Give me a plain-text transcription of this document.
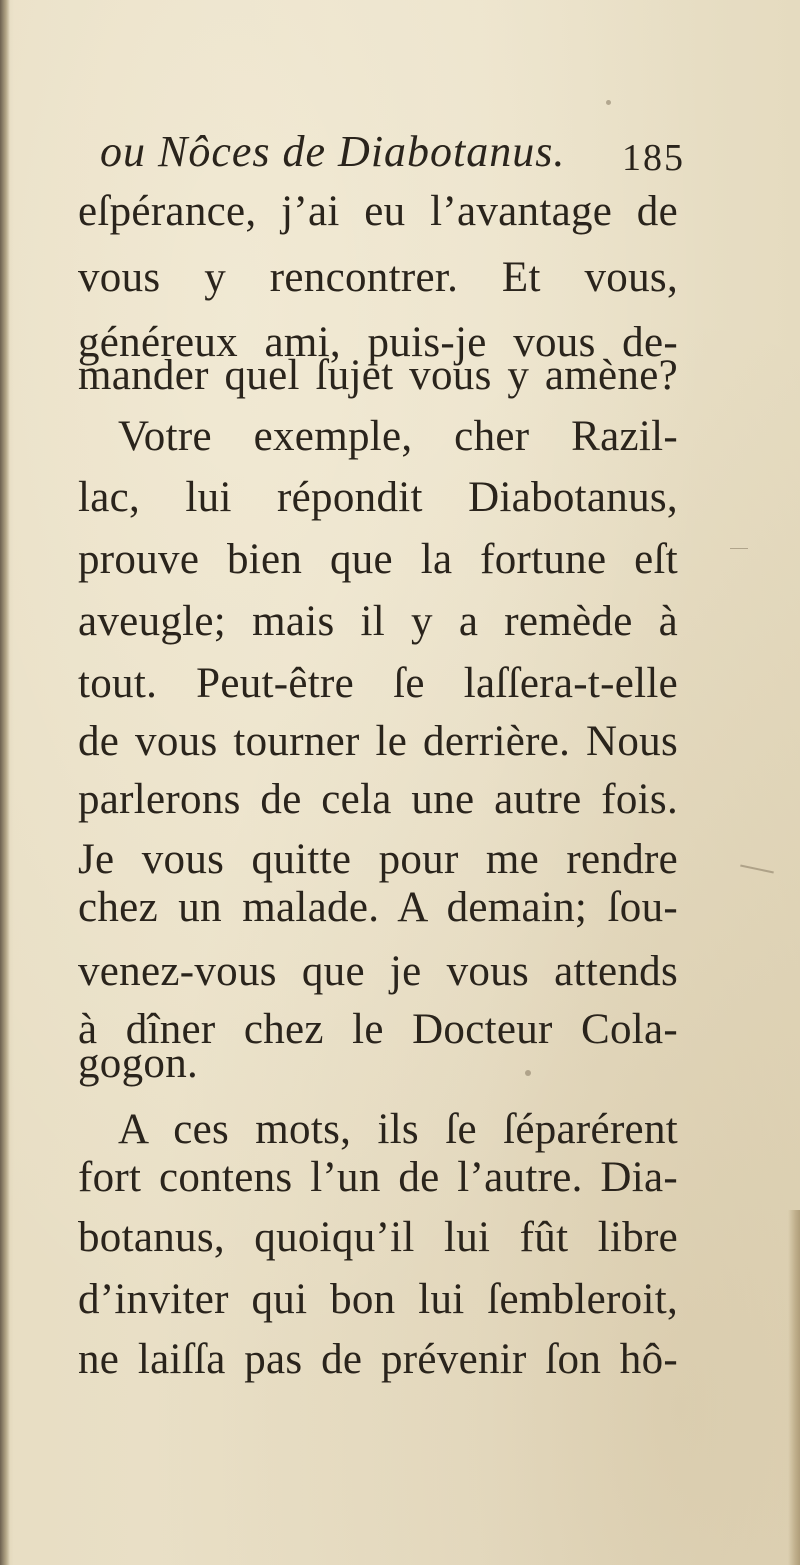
ou Nôces de Diabotanus. 185
eſpérance, j’ai eu l’avantage de
vous y rencontrer. Et vous,
généreux ami, puis-je vous de-
mander quel ſujet vous y amène?
Votre exemple, cher Razil-
lac, lui répondit Diabotanus,
prouve bien que la fortune eſt
aveugle; mais il y a remède à
tout. Peut-être ſe laſſera-t-elle
de vous tourner le derrière. Nous
parlerons de cela une autre fois.
Je vous quitte pour me rendre
chez un malade. A demain; ſou-
venez-vous que je vous attends
à dîner chez le Docteur Cola-
gogon.
A ces mots, ils ſe ſéparérent
fort contens l’un de l’autre. Dia-
botanus, quoiqu’il lui fût libre
d’inviter qui bon lui ſembleroit,
ne laiſſa pas de prévenir ſon hô-
